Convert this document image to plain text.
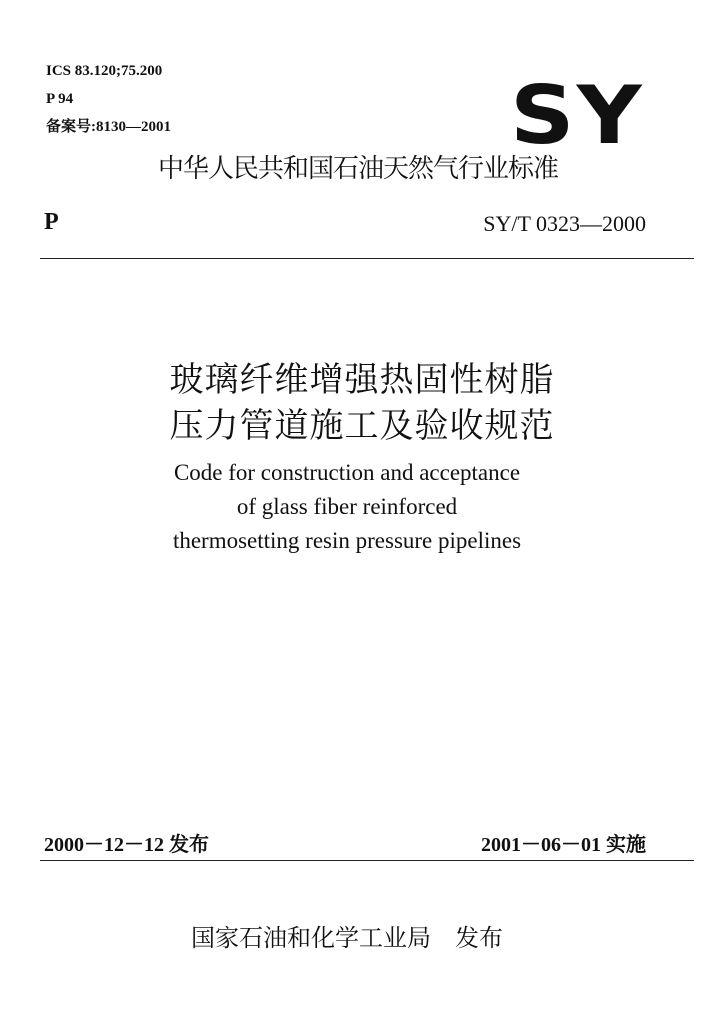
ICS 83.120;75.200
P 94
备案号:8130—2001	SY
中华人民共和国石油天然气行业标准
P	SY/T 0323—2000
玻璃纤维增强热固性树脂
压力管道施工及验收规范
Code for construction and acceptance
of glass fiber reinforced
thermosetting resin pressure pipelines
2000－12－12 发布	2001－06－01 实施
国家石油和化学工业局　发布
